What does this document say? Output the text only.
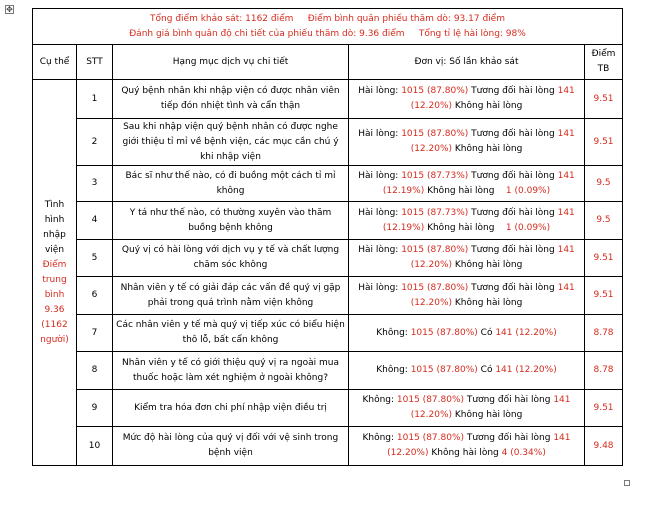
✥
Tổng điểm khảo sát: 1162 điểm     Điểm bình quân phiếu thăm dò: 93.17 điểm
Đánh giá bình quân độ chi tiết của phiếu thăm dò: 9.36 điểm     Tổng tỉ lệ hài lòng: 98%				

Cụ thể	STT	Hạng mục dịch vụ chi tiết	Đơn vị: Số lần khảo sát	Điểm TB

Tình hình nhập viện
Điểm trung bình 9.36 (1162 người)	1	Quý bệnh nhân khi nhập viện có được nhân viên tiếp đón nhiệt tình và cẩn thận	Hài lòng: 1015 (87.80%) Tương đối hài lòng 141 (12.20%) Không hài lòng	9.51
	2	Sau khi nhập viện quý bệnh nhân có được nghe giới thiệu tỉ mỉ về bệnh viện, các mục cần chú ý khi nhập viện	Hài lòng: 1015 (87.80%) Tương đối hài lòng 141 (12.20%) Không hài lòng	9.51
	3	Bác sĩ như thế nào, có đi buồng một cách tỉ mỉ không	Hài lòng: 1015 (87.73%) Tương đối hài lòng 141 (12.19%) Không hài lòng    1 (0.09%)	9.5
	4	Y tá như thế nào, có thường xuyên vào thăm buồng bệnh không	Hài lòng: 1015 (87.73%) Tương đối hài lòng 141 (12.19%) Không hài lòng    1 (0.09%)	9.5
	5	Quý vị có hài lòng với dịch vụ y tế và chất lượng chăm sóc không	Hài lòng: 1015 (87.80%) Tương đối hài lòng 141 (12.20%) Không hài lòng	9.51
	6	Nhân viên y tế có giải đáp các vấn đề quý vị gặp phải trong quá trình nằm viện không	Hài lòng: 1015 (87.80%) Tương đối hài lòng 141 (12.20%) Không hài lòng	9.51
	7	Các nhân viên y tế mà quý vị tiếp xúc có biểu hiện thô lỗ, bất cẩn không	Không: 1015 (87.80%) Có 141 (12.20%)	8.78
	8	Nhân viên y tế có giới thiệu quý vị ra ngoài mua thuốc hoặc làm xét nghiệm ở ngoài không?	Không: 1015 (87.80%) Có 141 (12.20%)	8.78
	9	Kiểm tra hóa đơn chi phí nhập viện điều trị	Không: 1015 (87.80%) Tương đối hài lòng 141 (12.20%) Không hài lòng	9.51
	10	Mức độ hài lòng của quý vị đối với vệ sinh trong bệnh viện	Không: 1015 (87.80%) Tương đối hài lòng 141 (12.20%) Không hài lòng 4 (0.34%)	9.48
